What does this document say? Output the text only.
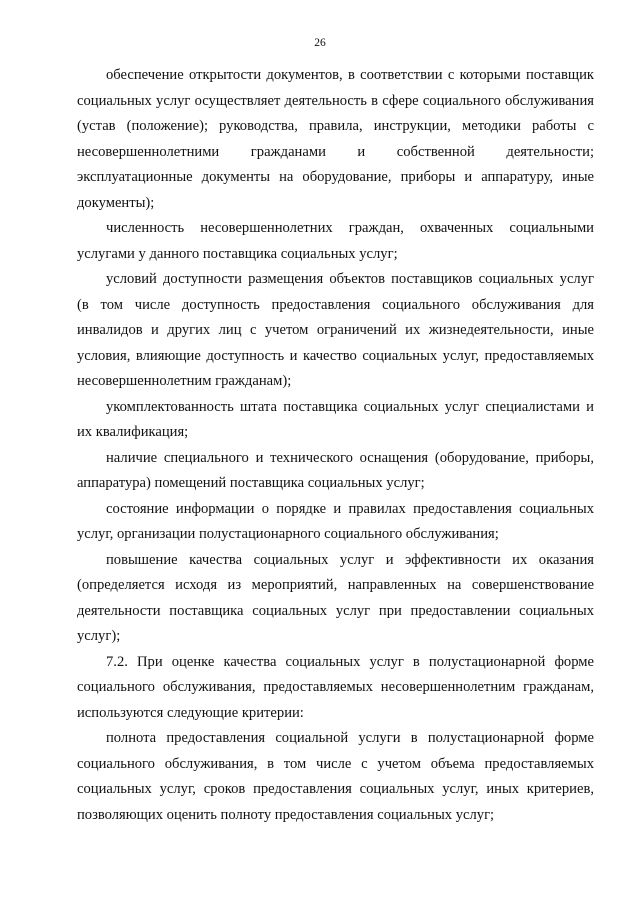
26

обеспечение открытости документов, в соответствии с которыми поставщик социальных услуг осуществляет деятельность в сфере социального обслуживания (устав (положение); руководства, правила, инструкции, методики работы с несовершеннолетними гражданами и собственной деятельности; эксплуатационные документы на оборудование, приборы и аппаратуру, иные документы);

численность несовершеннолетних граждан, охваченных социальными услугами у данного поставщика социальных услуг;

условий доступности размещения объектов поставщиков социальных услуг (в том числе доступность предоставления социального обслуживания для инвалидов и других лиц с учетом ограничений их жизнедеятельности, иные условия, влияющие доступность и качество социальных услуг, предоставляемых несовершеннолетним гражданам);

укомплектованность штата поставщика социальных услуг специалистами и их квалификация;

наличие специального и технического оснащения (оборудование, приборы, аппаратура) помещений поставщика социальных услуг;

состояние информации о порядке и правилах предоставления социальных услуг, организации полустационарного социального обслуживания;

повышение качества социальных услуг и эффективности их оказания (определяется исходя из мероприятий, направленных на совершенствование деятельности поставщика социальных услуг при предоставлении социальных услуг);

7.2. При оценке качества социальных услуг в полустационарной форме социального обслуживания, предоставляемых несовершеннолетним гражданам, используются следующие критерии:

полнота предоставления социальной услуги в полустационарной форме социального обслуживания, в том числе с учетом объема предоставляемых социальных услуг, сроков предоставления социальных услуг, иных критериев, позволяющих оценить полноту предоставления социальных услуг;
